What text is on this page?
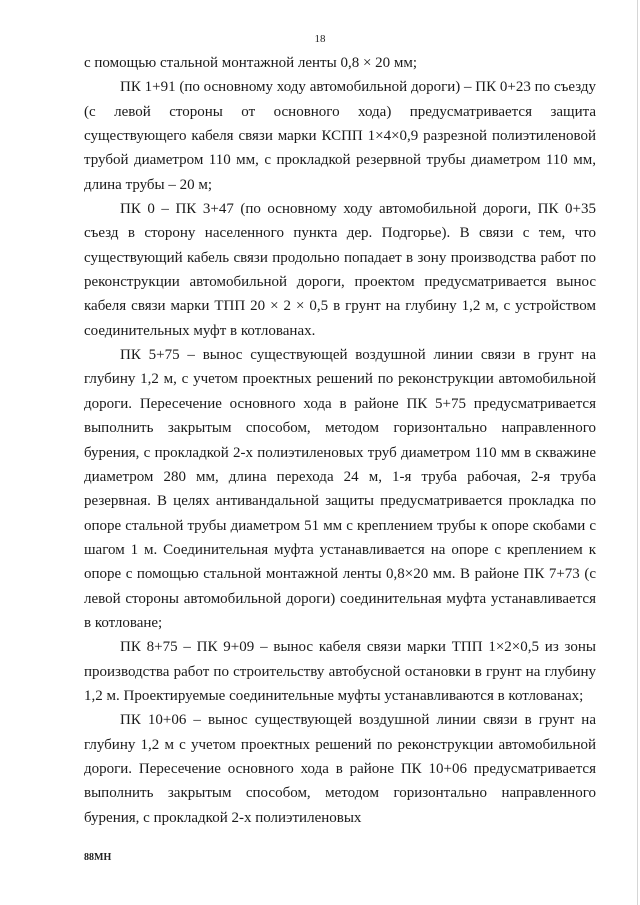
18

с помощью стальной монтажной ленты 0,8 × 20 мм;

ПК 1+91 (по основному ходу автомобильной дороги) – ПК 0+23 по съезду (с левой стороны от основного хода) предусматривается защита существующего кабеля связи марки КСПП 1×4×0,9 разрезной полиэтиленовой трубой диаметром 110 мм, с прокладкой резервной трубы диаметром 110 мм, длина трубы – 20 м;

ПК 0 – ПК 3+47 (по основному ходу автомобильной дороги, ПК 0+35 съезд в сторону населенного пункта дер. Подгорье). В связи с тем, что существующий кабель связи продольно попадает в зону производства работ по реконструкции автомобильной дороги, проектом предусматривается вынос кабеля связи марки ТПП 20 × 2 × 0,5 в грунт на глубину 1,2 м, с устройством соединительных муфт в котлованах.

ПК 5+75 – вынос существующей воздушной линии связи в грунт на глубину 1,2 м, с учетом проектных решений по реконструкции автомобильной дороги. Пересечение основного хода в районе ПК 5+75 предусматривается выполнить закрытым способом, методом горизонтально направленного бурения, с прокладкой 2-х полиэтиленовых труб диаметром 110 мм в скважине диаметром 280 мм, длина перехода 24 м, 1-я труба рабочая, 2-я труба резервная. В целях антивандальной защиты предусматривается прокладка по опоре стальной трубы диаметром 51 мм с креплением трубы к опоре скобами с шагом 1 м. Соединительная муфта устанавливается на опоре с креплением к опоре с помощью стальной монтажной ленты 0,8×20 мм. В районе ПК 7+73 (с левой стороны автомобильной дороги) соединительная муфта устанавливается в котловане;

ПК 8+75 – ПК 9+09 – вынос кабеля связи марки ТПП 1×2×0,5 из зоны производства работ по строительству автобусной остановки в грунт на глубину 1,2 м. Проектируемые соединительные муфты устанавливаются в котлованах;

ПК 10+06 – вынос существующей воздушной линии связи в грунт на глубину 1,2 м с учетом проектных решений по реконструкции автомобильной дороги. Пересечение основного хода в районе ПК 10+06 предусматривается выполнить закрытым способом, методом горизонтально направленного бурения, с прокладкой 2-х полиэтиленовых

88МН
